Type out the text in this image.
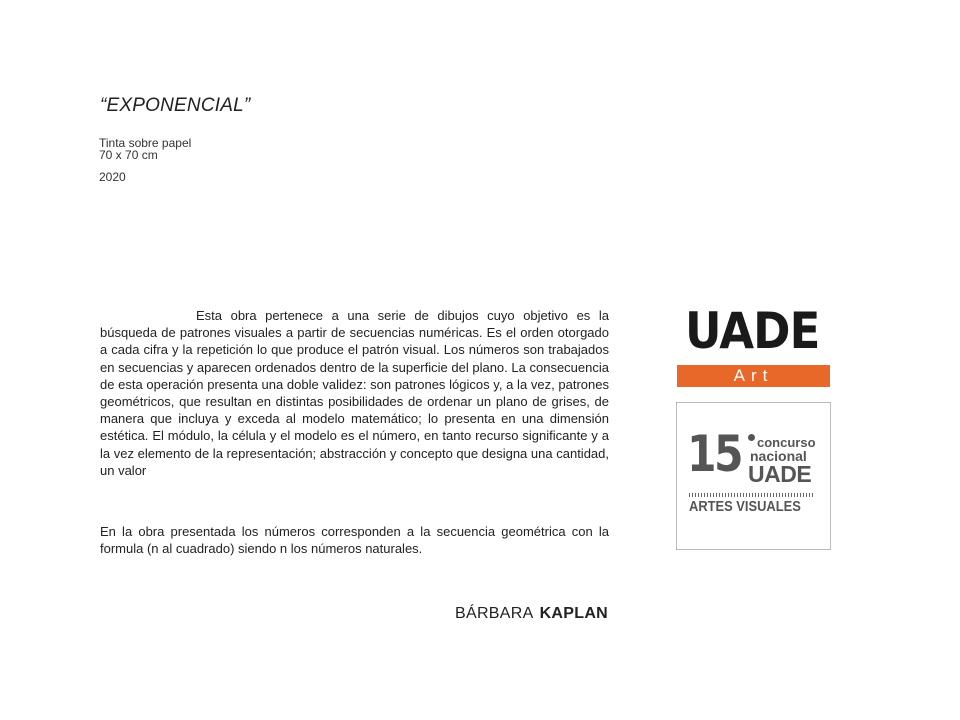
“EXPONENCIAL”
Tinta sobre papel
70 x 70 cm
2020
Esta obra pertenece a una serie de dibujos cuyo objetivo es la búsqueda de patrones visuales a partir de secuencias numéricas. Es el orden otorgado a cada cifra y la repetición lo que produce el patrón visual. Los números son trabajados en secuencias y aparecen ordenados dentro de la superficie del plano. La consecuencia de esta operación presenta una doble validez: son patrones lógicos y, a la vez, patrones geométricos, que resultan en distintas posibilidades de ordenar un plano de grises, de manera que incluya y exceda al modelo matemático; lo presenta en una dimensión estética. El módulo, la célula y el modelo es el número, en tanto recurso significante y a la vez elemento de la representación; abstracción y concepto que designa una cantidad, un valor
En la obra presentada los números corresponden a la secuencia geométrica con la formula (n al cuadrado) siendo n los números naturales.
BÁRBARA KAPLAN
UADE
Art
15 concurso
nacional
UADE
ARTES VISUALES
